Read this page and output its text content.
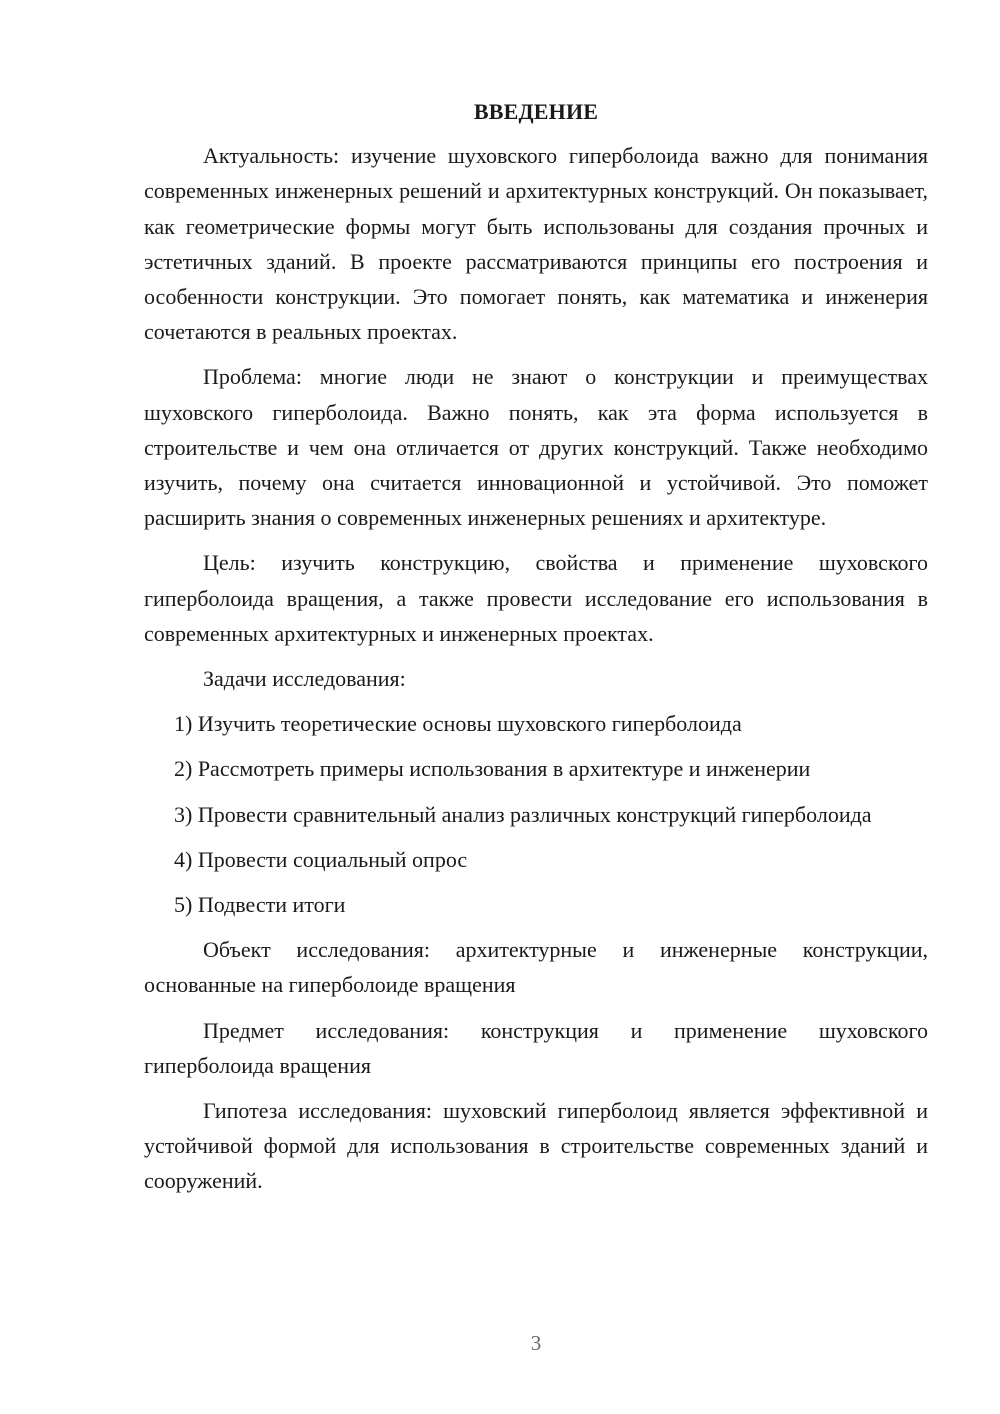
ВВЕДЕНИЕ

Актуальность: изучение шуховского гиперболоида важно для понимания современных инженерных решений и архитектурных конструкций. Он показывает, как геометрические формы могут быть использованы для создания прочных и эстетичных зданий. В проекте рассматриваются принципы его построения и особенности конструкции. Это помогает понять, как математика и инженерия сочетаются в реальных проектах.

Проблема: многие люди не знают о конструкции и преимуществах шуховского гиперболоида. Важно понять, как эта форма используется в строительстве и чем она отличается от других конструкций. Также необходимо изучить, почему она считается инновационной и устойчивой. Это поможет расширить знания о современных инженерных решениях и архитектуре.

Цель: изучить конструкцию, свойства и применение шуховского гиперболоида вращения, а также провести исследование его использования в современных архитектурных и инженерных проектах.

Задачи исследования:

1) Изучить теоретические основы шуховского гиперболоида

2) Рассмотреть примеры использования в архитектуре и инженерии

3) Провести сравнительный анализ различных конструкций гиперболоида

4) Провести социальный опрос

5) Подвести итоги

Объект исследования: архитектурные и инженерные конструкции, основанные на гиперболоиде вращения

Предмет исследования: конструкция и применение шуховского гиперболоида вращения

Гипотеза исследования: шуховский гиперболоид является эффективной и устойчивой формой для использования в строительстве современных зданий и сооружений.

3
